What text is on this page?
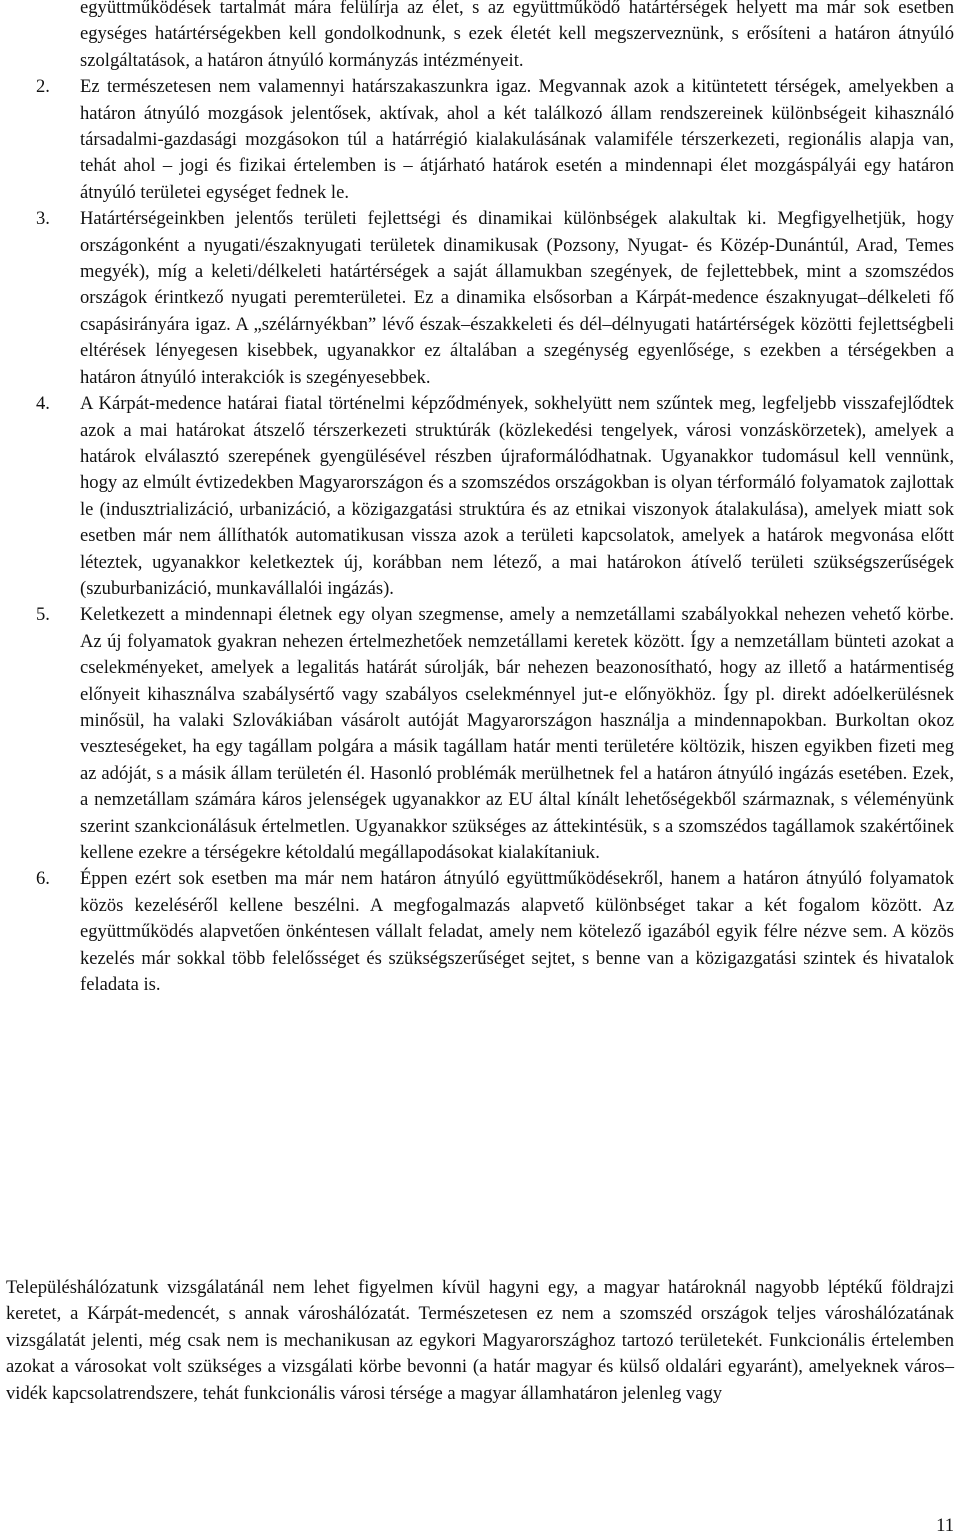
együttműködések tartalmát mára felülírja az élet, s az együttműködő határtérségek helyett ma már sok esetben egységes határtérségekben kell gondolkodnunk, s ezek életét kell megszerveznünk, s erősíteni a határon átnyúló szolgáltatások, a határon átnyúló kormányzás intézményeit.

2.	Ez természetesen nem valamennyi határszakaszunkra igaz. Megvannak azok a kitüntetett térségek, amelyekben a határon átnyúló mozgások jelentősek, aktívak, ahol a két találkozó állam rendszereinek különbségeit kihasználó társadalmi-gazdasági mozgásokon túl a határrégió kialakulásának valamiféle térszerkezeti, regionális alapja van, tehát ahol – jogi és fizikai értelemben is – átjárható határok esetén a mindennapi élet mozgáspályái egy határon átnyúló területei egységet fednek le.

3.	Határtérségeinkben jelentős területi fejlettségi és dinamikai különbségek alakultak ki. Megfigyelhetjük, hogy országonként a nyugati/északnyugati területek dinamikusak (Pozsony, Nyugat- és Közép-Dunántúl, Arad, Temes megyék), míg a keleti/délkeleti határtérségek a saját államukban szegények, de fejlettebbek, mint a szomszédos országok érintkező nyugati peremterületei. Ez a dinamika elsősorban a Kárpát-medence északnyugat–délkeleti fő csapásirányára igaz. A „szélárnyékban” lévő észak–északkeleti és dél–délnyugati határtérségek közötti fejlettségbeli eltérések lényegesen kisebbek, ugyanakkor ez általában a szegénység egyenlősége, s ezekben a térségekben a határon átnyúló interakciók is szegényesebbek.

4.	A Kárpát-medence határai fiatal történelmi képződmények, sokhelyütt nem szűntek meg, legfeljebb visszafejlődtek azok a mai határokat átszelő térszerkezeti struktúrák (közlekedési tengelyek, városi vonzáskörzetek), amelyek a határok elválasztó szerepének gyengülésével részben újraformálódhatnak. Ugyanakkor tudomásul kell vennünk, hogy az elmúlt évtizedekben Magyarországon és a szomszédos országokban is olyan térformáló folyamatok zajlottak le (indusztrializáció, urbanizáció, a közigazgatási struktúra és az etnikai viszonyok átalakulása), amelyek miatt sok esetben már nem állíthatók automatikusan vissza azok a területi kapcsolatok, amelyek a határok megvonása előtt léteztek, ugyanakkor keletkeztek új, korábban nem létező, a mai határokon átívelő területi szükségszerűségek (szuburbanizáció, munkavállalói ingázás).

5.	Keletkezett a mindennapi életnek egy olyan szegmense, amely a nemzetállami szabályokkal nehezen vehető körbe. Az új folyamatok gyakran nehezen értelmezhetőek nemzetállami keretek között. Így a nemzetállam bünteti azokat a cselekményeket, amelyek a legalitás határát súrolják, bár nehezen beazonosítható, hogy az illető a határmentiség előnyeit kihasználva szabálysértő vagy szabályos cselekménnyel jut-e előnyökhöz. Így pl. direkt adóelkerülésnek minősül, ha valaki Szlovákiában vásárolt autóját Magyarországon használja a mindennapokban. Burkoltan okoz veszteségeket, ha egy tagállam polgára a másik tagállam határ menti területére költözik, hiszen egyikben fizeti meg az adóját, s a másik állam területén él. Hasonló problémák merülhetnek fel a határon átnyúló ingázás esetében. Ezek, a nemzetállam számára káros jelenségek ugyanakkor az EU által kínált lehetőségekből származnak, s véleményünk szerint szankcionálásuk értelmetlen. Ugyanakkor szükséges az áttekintésük, s a szomszédos tagállamok szakértőinek kellene ezekre a térségekre kétoldalú megállapodásokat kialakítaniuk.

6.	Éppen ezért sok esetben ma már nem határon átnyúló együttműködésekről, hanem a határon átnyúló folyamatok közös kezeléséről kellene beszélni. A megfogalmazás alapvető különbséget takar a két fogalom között. Az együttműködés alapvetően önkéntesen vállalt feladat, amely nem kötelező igazából egyik félre nézve sem. A közös kezelés már sokkal több felelősséget és szükségszerűséget sejtet, s benne van a közigazgatási szintek és hivatalok feladata is.

Településhálózatunk vizsgálatánál nem lehet figyelmen kívül hagyni egy, a magyar határoknál nagyobb léptékű földrajzi keretet, a Kárpát-medencét, s annak városhálózatát. Természetesen ez nem a szomszéd országok teljes városhálózatának vizsgálatát jelenti, még csak nem is mechanikusan az egykori Magyarországhoz tartozó területekét. Funkcionális értelemben azokat a városokat volt szükséges a vizsgálati körbe bevonni (a határ magyar és külső oldalári egyaránt), amelyeknek város–vidék kapcsolatrendszere, tehát funkcionális városi térsége a magyar államhatáron jelenleg vagy

11
